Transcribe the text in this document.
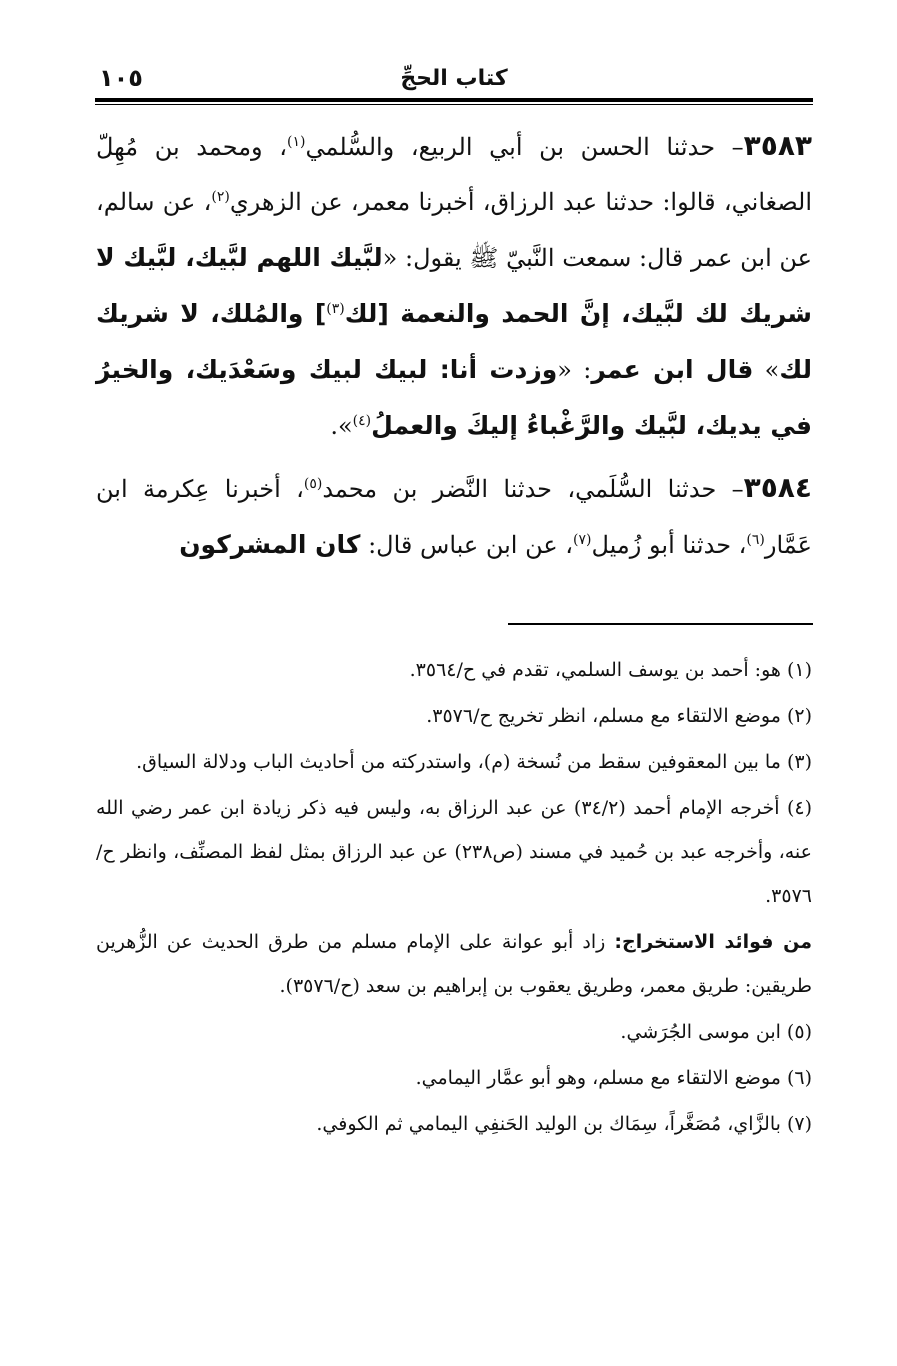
كتاب الحجِّ
١٠٥

٣٥٨٣– حدثنا الحسن بن أبي الربيع، والسُّلمي$^{(١)}$، ومحمد بن مُهِلّ الصغاني، قالوا: حدثنا عبد الرزاق، أخبرنا معمر، عن الزهري$^{(٢)}$، عن سالم، عن ابن عمر قال: سمعت النَّبيّ ﷺ يقول: «لبَّيك اللهم لبَّيك، لبَّيك لا شريك لك لبَّيك، إنَّ الحمد والنعمة [لك$^{(٣)}$] والمُلك، لا شريك لك» قال ابن عمر: «وزدت أنا: لبيك لبيك وسَعْدَيك، والخيرُ في يديك، لبَّيك والرَّغْباءُ إليكَ والعملُ$^{(٤)}$».

٣٥٨٤– حدثنا السُّلَمي، حدثنا النَّضر بن محمد$^{(٥)}$، أخبرنا عِكرمة ابن عَمَّار$^{(٦)}$، حدثنا أبو زُميل$^{(٧)}$، عن ابن عباس قال: كان المشركون

(١) هو: أحمد بن يوسف السلمي، تقدم في ح/٣٥٦٤.

(٢) موضع الالتقاء مع مسلم، انظر تخريج ح/٣٥٧٦.

(٣) ما بين المعقوفين سقط من نُسخة (م)، واستدركته من أحاديث الباب ودلالة السياق.

(٤) أخرجه الإمام أحمد (٣٤/٢) عن عبد الرزاق به، وليس فيه ذكر زيادة ابن عمر رضي الله عنه، وأخرجه عبد بن حُميد في مسند (ص٢٣٨) عن عبد الرزاق بمثل لفظ المصنِّف، وانظر ح/٣٥٧٦.

من فوائد الاستخراج: زاد أبو عوانة على الإمام مسلم من طرق الحديث عن الزُّهرين طريقين: طريق معمر، وطريق يعقوب بن إبراهيم بن سعد (ح/٣٥٧٦).

(٥) ابن موسى الجُرَشي.

(٦) موضع الالتقاء مع مسلم، وهو أبو عمَّار اليمامي.

(٧) بالزَّاي، مُصَغَّراً، سِمَاك بن الوليد الحَنفِي اليمامي ثم الكوفي.
